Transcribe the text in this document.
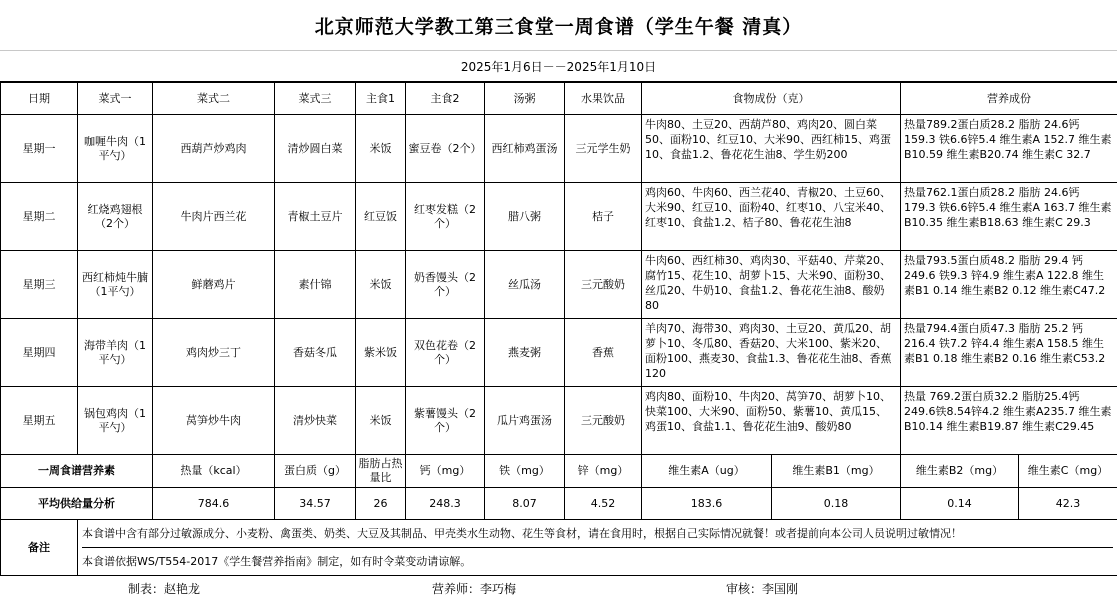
北京师范大学教工第三食堂一周食谱（学生午餐 清真）
2025年1月6日－－2025年1月10日
日期	菜式一	菜式二	菜式三	主食1	主食2	汤粥	水果饮品	食物成份（克）		营养成份	
星期一	咖喱牛肉（1平勺）	西葫芦炒鸡肉	清炒圆白菜	米饭	蜜豆卷（2个）	西红柿鸡蛋汤	三元学生奶	牛肉80、土豆20、西葫芦80、鸡肉20、圆白菜50、面粉10、红豆10、大米90、西红柿15、鸡蛋10、食盐1.2、鲁花花生油8、学生奶200		热量789.2蛋白质28.2 脂肪 24.6钙 159.3 铁6.6锌5.4 维生素A 152.7 维生素B10.59 维生素B20.74 维生素C 32.7	
星期二	红烧鸡翅根（2个）	牛肉片西兰花	青椒土豆片	红豆饭	红枣发糕（2个）	腊八粥	桔子	鸡肉60、牛肉60、西兰花40、青椒20、土豆60、大米90、红豆10、面粉40、红枣10、八宝米40、红枣10、食盐1.2、桔子80、鲁花花生油8		热量762.1蛋白质28.2 脂肪 24.6钙 179.3 铁6.6锌5.4 维生素A 163.7 维生素B10.35 维生素B18.63 维生素C 29.3	
星期三	西红柿炖牛腩（1平勺）	鲜蘑鸡片	素什锦	米饭	奶香馒头（2个）	丝瓜汤	三元酸奶	牛肉60、西红柿30、鸡肉30、平菇40、芹菜20、腐竹15、花生10、胡萝卜15、大米90、面粉30、丝瓜20、牛奶10、食盐1.2、鲁花花生油8、酸奶80		热量793.5蛋白质48.2 脂肪 29.4 钙 249.6 铁9.3 锌4.9 维生素A 122.8 维生素B1 0.14 维生素B2 0.12 维生素C47.2	
星期四	海带羊肉（1平勺）	鸡肉炒三丁	香菇冬瓜	紫米饭	双色花卷（2个）	燕麦粥	香蕉	羊肉70、海带30、鸡肉30、土豆20、黄瓜20、胡萝卜10、冬瓜80、香菇20、大米100、紫米20、面粉100、燕麦30、食盐1.3、鲁花花生油8、香蕉120		热量794.4蛋白质47.3 脂肪 25.2 钙 216.4 铁7.2 锌4.4 维生素A 158.5 维生素B1 0.18 维生素B2 0.16 维生素C53.2	
星期五	锅包鸡肉（1平勺）	莴笋炒牛肉	清炒快菜	米饭	紫薯馒头（2个）	瓜片鸡蛋汤	三元酸奶	鸡肉80、面粉10、牛肉20、莴笋70、胡萝卜10、快菜100、大米90、面粉50、紫薯10、黄瓜15、鸡蛋10、食盐1.1、鲁花花生油9、酸奶80		热量 769.2蛋白质32.2 脂肪25.4钙 249.6铁8.54锌4.2 维生素A235.7 维生素B10.14 维生素B19.87 维生素C29.45	
一周食谱营养素		热量（kcal）	蛋白质（g）	脂肪占热量比	钙（mg）	铁（mg）	锌（mg）	维生素A（ug）	维生素B1（mg）	维生素B2（mg）	维生素C（mg）
平均供给量分析		784.6	34.57	26	248.3	8.07	4.52	183.6	0.18	0.14	42.3
备注	本食谱中含有部分过敏源成分、小麦粉、禽蛋类、奶类、大豆及其制品、甲壳类水生动物、花生等食材，请在食用时，根据自己实际情况就餐！或者提前向本公司人员说明过敏情况！
本食谱依据WS/T554-2017《学生餐营养指南》制定，如有时令菜变动请谅解。										
制表：赵艳龙	营养师：李巧梅	审核：李国刚
